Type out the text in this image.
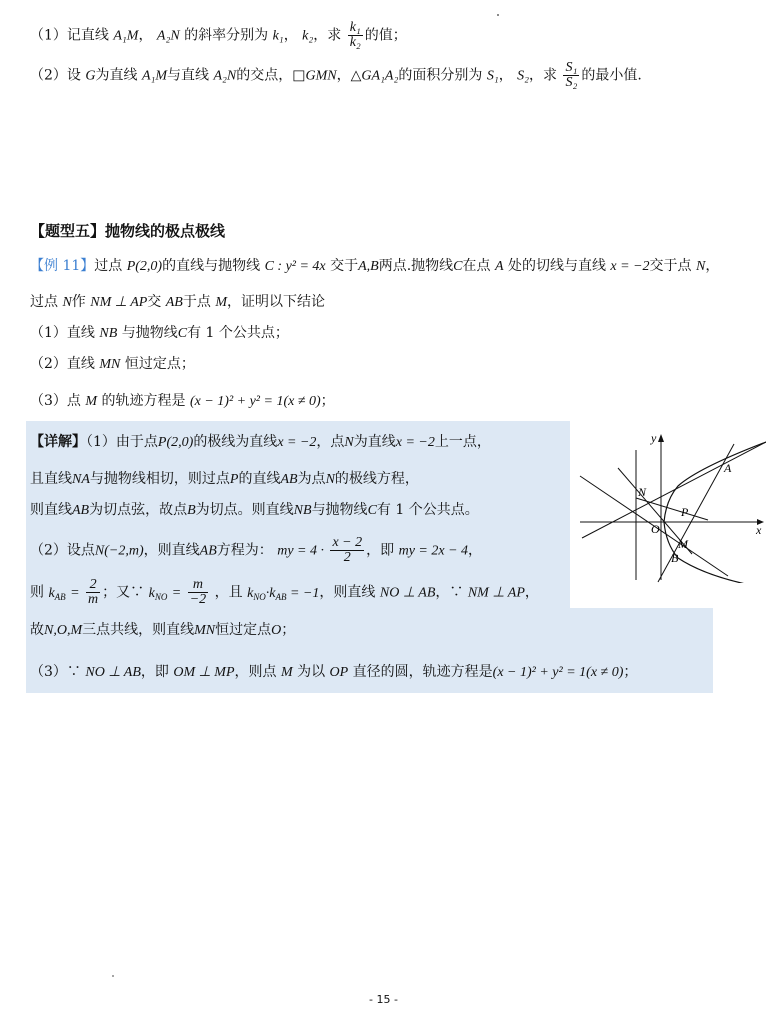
（1）记直线 A₁M， A₂N 的斜率分别为 k₁， k₂，求 $\frac{\text{k₁}}{\text{k₂}}$ 的值；
（2）设 G为直线 A₁M与直线 A₂N的交点，□GMN，△GA₁A₂的面积分别为 S₁， S₂，求 $\frac{\text{S₁}}{\text{S₂}}$ 的最小值.
【题型五】抛物线的极点极线
【例 11】过点 P(2,0)的直线与抛物线 C : y² = 4x 交于A,B两点.抛物线C在点 A 处的切线与直线 x = −2交于点 N，
过点 N作 NM ⊥ AP交 AB于点 M，证明以下结论
（1）直线 NB 与抛物线C有 1 个公共点；
（2）直线 MN 恒过定点；
（3）点 M 的轨迹方程是 (x − 1)² + y² = 1(x ≠ 0)；
【详解】（1）由于点P(2,0)的极线为直线x = −2，点N为直线x = −2上一点，
且直线NA与抛物线相切，则过点P的直线AB为点N的极线方程，
则直线AB为切点弦，故点B为切点。则直线NB与抛物线C有 1 个公共点。
（2）设点N(−2,m)，则直线AB方程为： my = $4 \cdot \frac{x - 2}{2}$ ，即 my = 2x − 4，
则 $k_{AB} = \frac{2}{m}$ ；又∵ $k_{NO} = \frac{m}{-2}$ ，且 $k_{NO}\cdot k_{AB} = -1$，则直线 NO ⊥ AB，∵ NM ⊥ AP，
故N,O,M三点共线，则直线MN恒过定点O；
（3）∵ NO ⊥ AB，即 OM ⊥ MP，则点 M 为以 OP 直径的圆，轨迹方程是(x − 1)² + y² = 1(x ≠ 0)；
y
x
A
N
P
O
M
B
- 15 -
